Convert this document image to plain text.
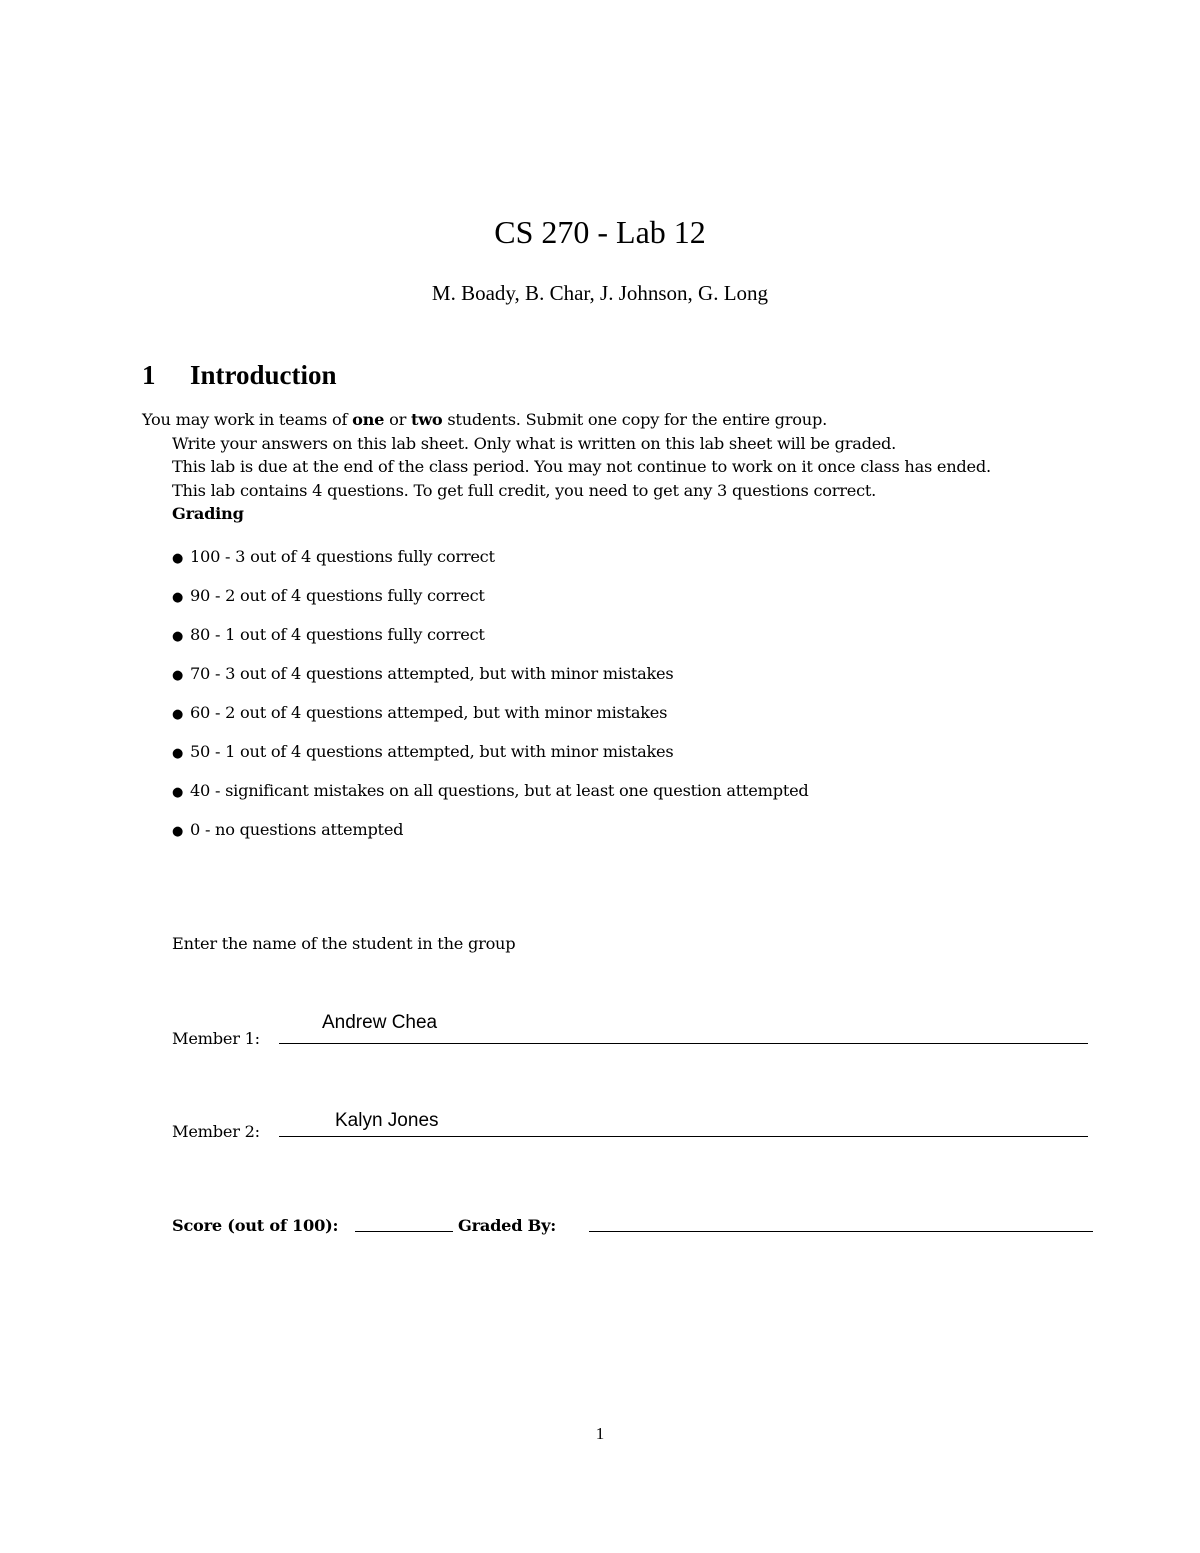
CS 270 - Lab 12
M. Boady, B. Char, J. Johnson, G. Long
1 Introduction
You may work in teams of one or two students. Submit one copy for the entire group.
Write your answers on this lab sheet. Only what is written on this lab sheet will be graded.
This lab is due at the end of the class period. You may not continue to work on it once class has ended.
This lab contains 4 questions. To get full credit, you need to get any 3 questions correct.
Grading
● 100 - 3 out of 4 questions fully correct
● 90 - 2 out of 4 questions fully correct
● 80 - 1 out of 4 questions fully correct
● 70 - 3 out of 4 questions attempted, but with minor mistakes
● 60 - 2 out of 4 questions attemped, but with minor mistakes
● 50 - 1 out of 4 questions attempted, but with minor mistakes
● 40 - significant mistakes on all questions, but at least one question attempted
● 0 - no questions attempted
Enter the name of the student in the group
Member 1:
Andrew Chea
Member 2:
Kalyn Jones
Score (out of 100):	Graded By:
1
